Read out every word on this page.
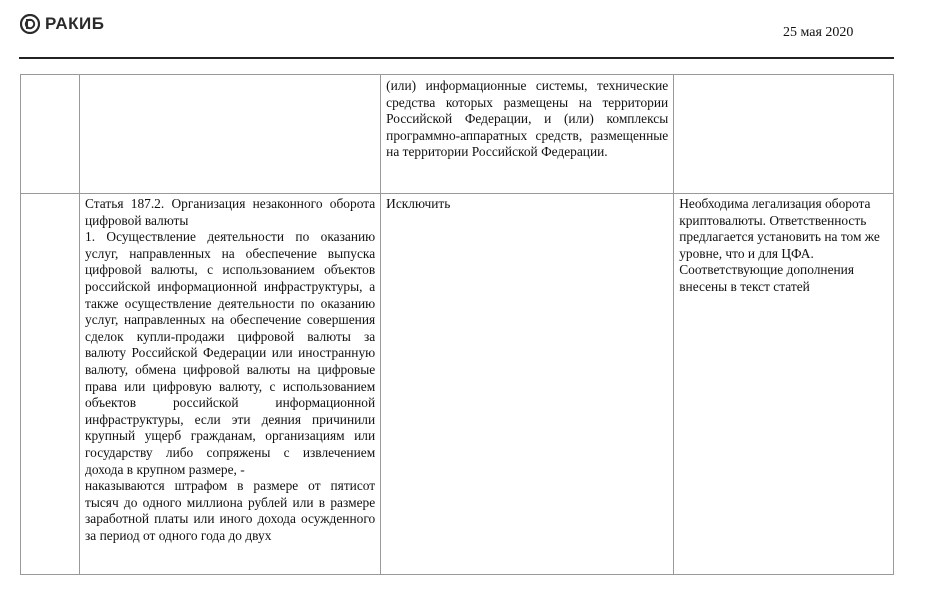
РАКИБ	25 мая 2020
		(или) информационные системы, технические средства которых размещены на территории Российской Федерации, и (или) комплексы программно-аппаратных средств, размещенные на территории Российской Федерации.	

	Статья 187.2. Организация незаконного оборота цифровой валюты
1. Осуществление деятельности по оказанию услуг, направленных на обеспечение выпуска цифровой валюты, с использованием объектов российской информационной инфраструктуры, а также осуществление деятельности по оказанию услуг, направленных на обеспечение совершения сделок купли-продажи цифровой валюты за валюту Российской Федерации или иностранную валюту, обмена цифровой валюты на цифровые права или цифровую валюту, с использованием объектов российской информационной инфраструктуры, если эти деяния причинили крупный ущерб гражданам, организациям или государству либо сопряжены с извлечением дохода в крупном размере, -
наказываются штрафом в размере от пятисот тысяч до одного миллиона рублей или в размере заработной платы или иного дохода осужденного за период от одного года до двух	Исключить	Необходима легализация оборота криптовалюты. Ответственность предлагается установить на том же уровне, что и для ЦФА. Соответствующие дополнения внесены в текст статей
